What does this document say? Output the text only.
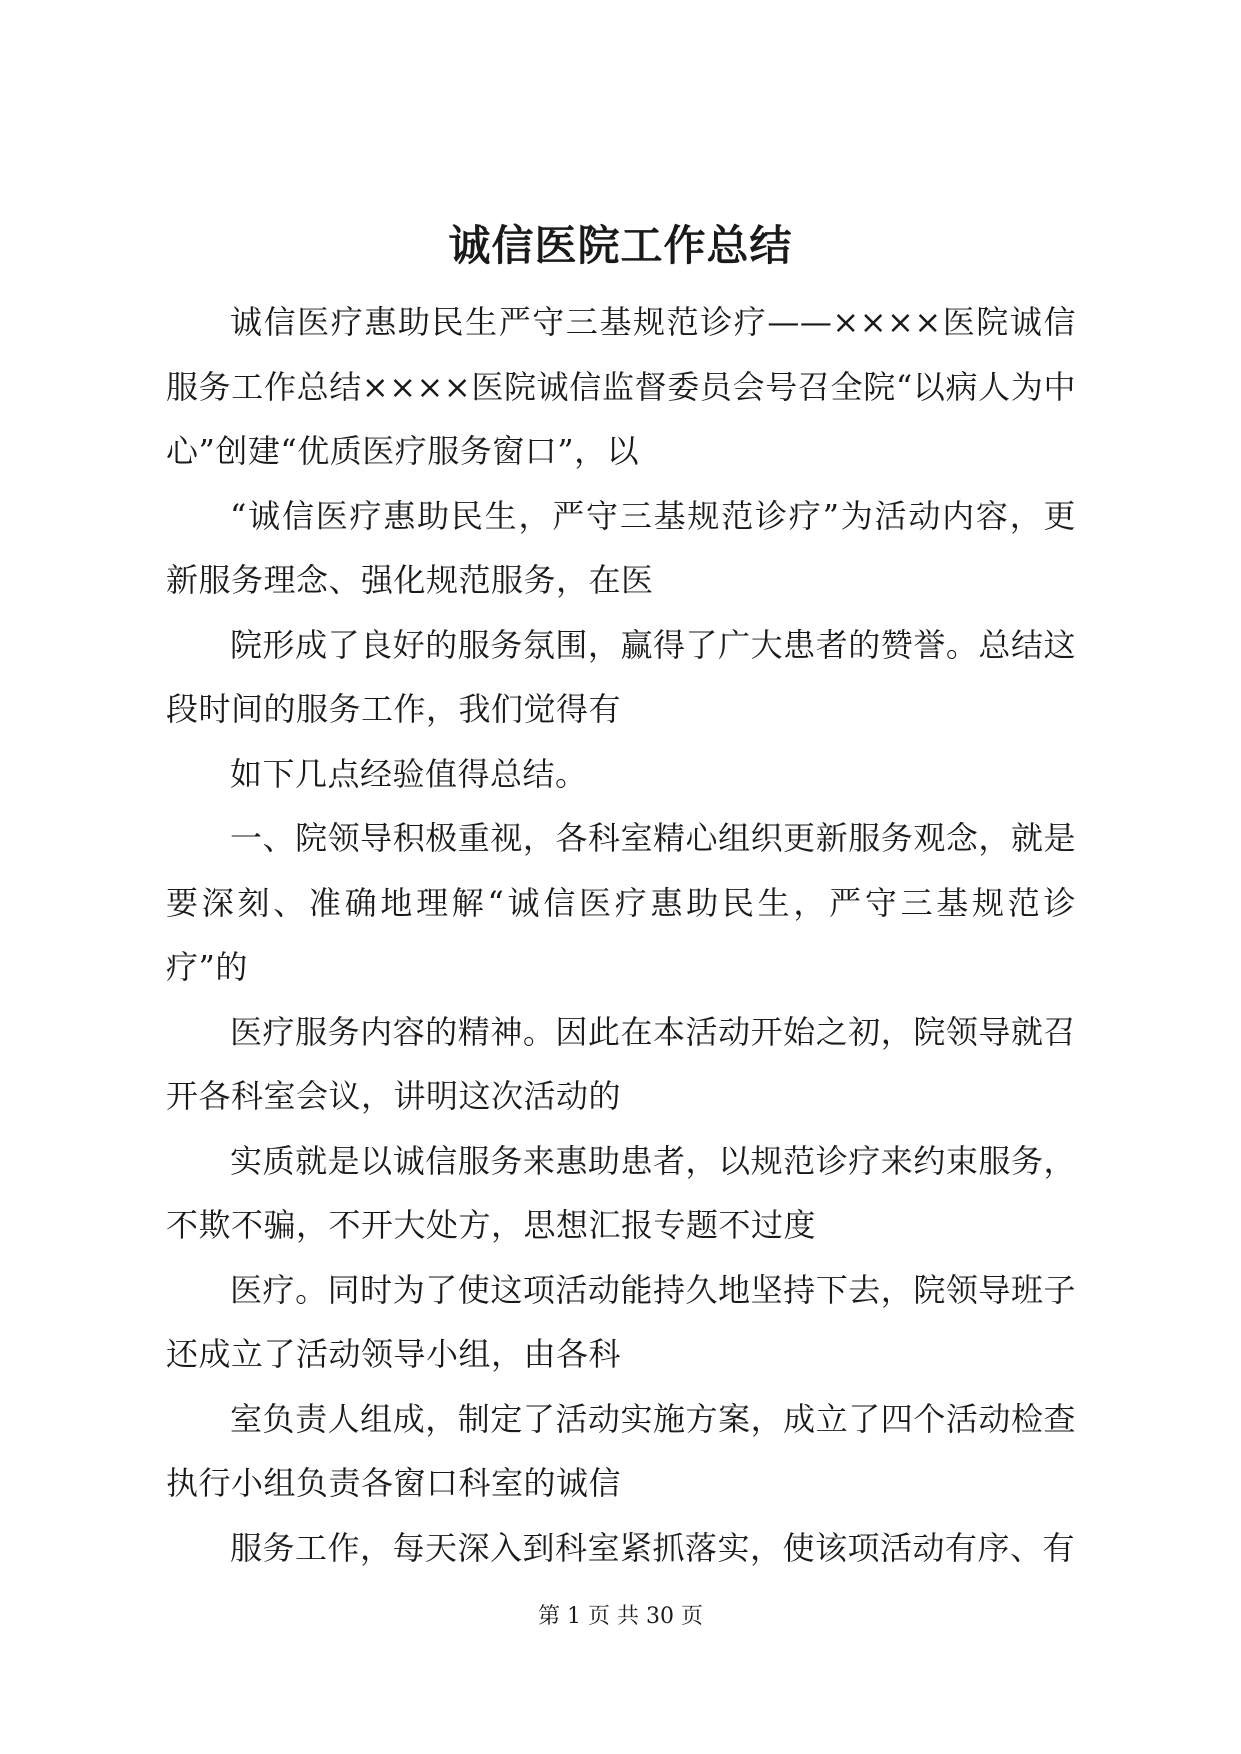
诚信医院工作总结

诚信医疗惠助民生严守三基规范诊疗——××××医院诚信服务工作总结××××医院诚信监督委员会号召全院“以病人为中心”创建“优质医疗服务窗口”，以

“诚信医疗惠助民生，严守三基规范诊疗”为活动内容，更新服务理念、强化规范服务，在医

院形成了良好的服务氛围，赢得了广大患者的赞誉。总结这段时间的服务工作，我们觉得有

如下几点经验值得总结。

一、院领导积极重视，各科室精心组织更新服务观念，就是要深刻、准确地理解“诚信医疗惠助民生，严守三基规范诊疗”的

医疗服务内容的精神。因此在本活动开始之初，院领导就召开各科室会议，讲明这次活动的

实质就是以诚信服务来惠助患者，以规范诊疗来约束服务，不欺不骗，不开大处方，思想汇报专题不过度

医疗。同时为了使这项活动能持久地坚持下去，院领导班子还成立了活动领导小组，由各科

室负责人组成，制定了活动实施方案，成立了四个活动检查执行小组负责各窗口科室的诚信

服务工作，每天深入到科室紧抓落实，使该项活动有序、有

第 1 页 共 30 页
